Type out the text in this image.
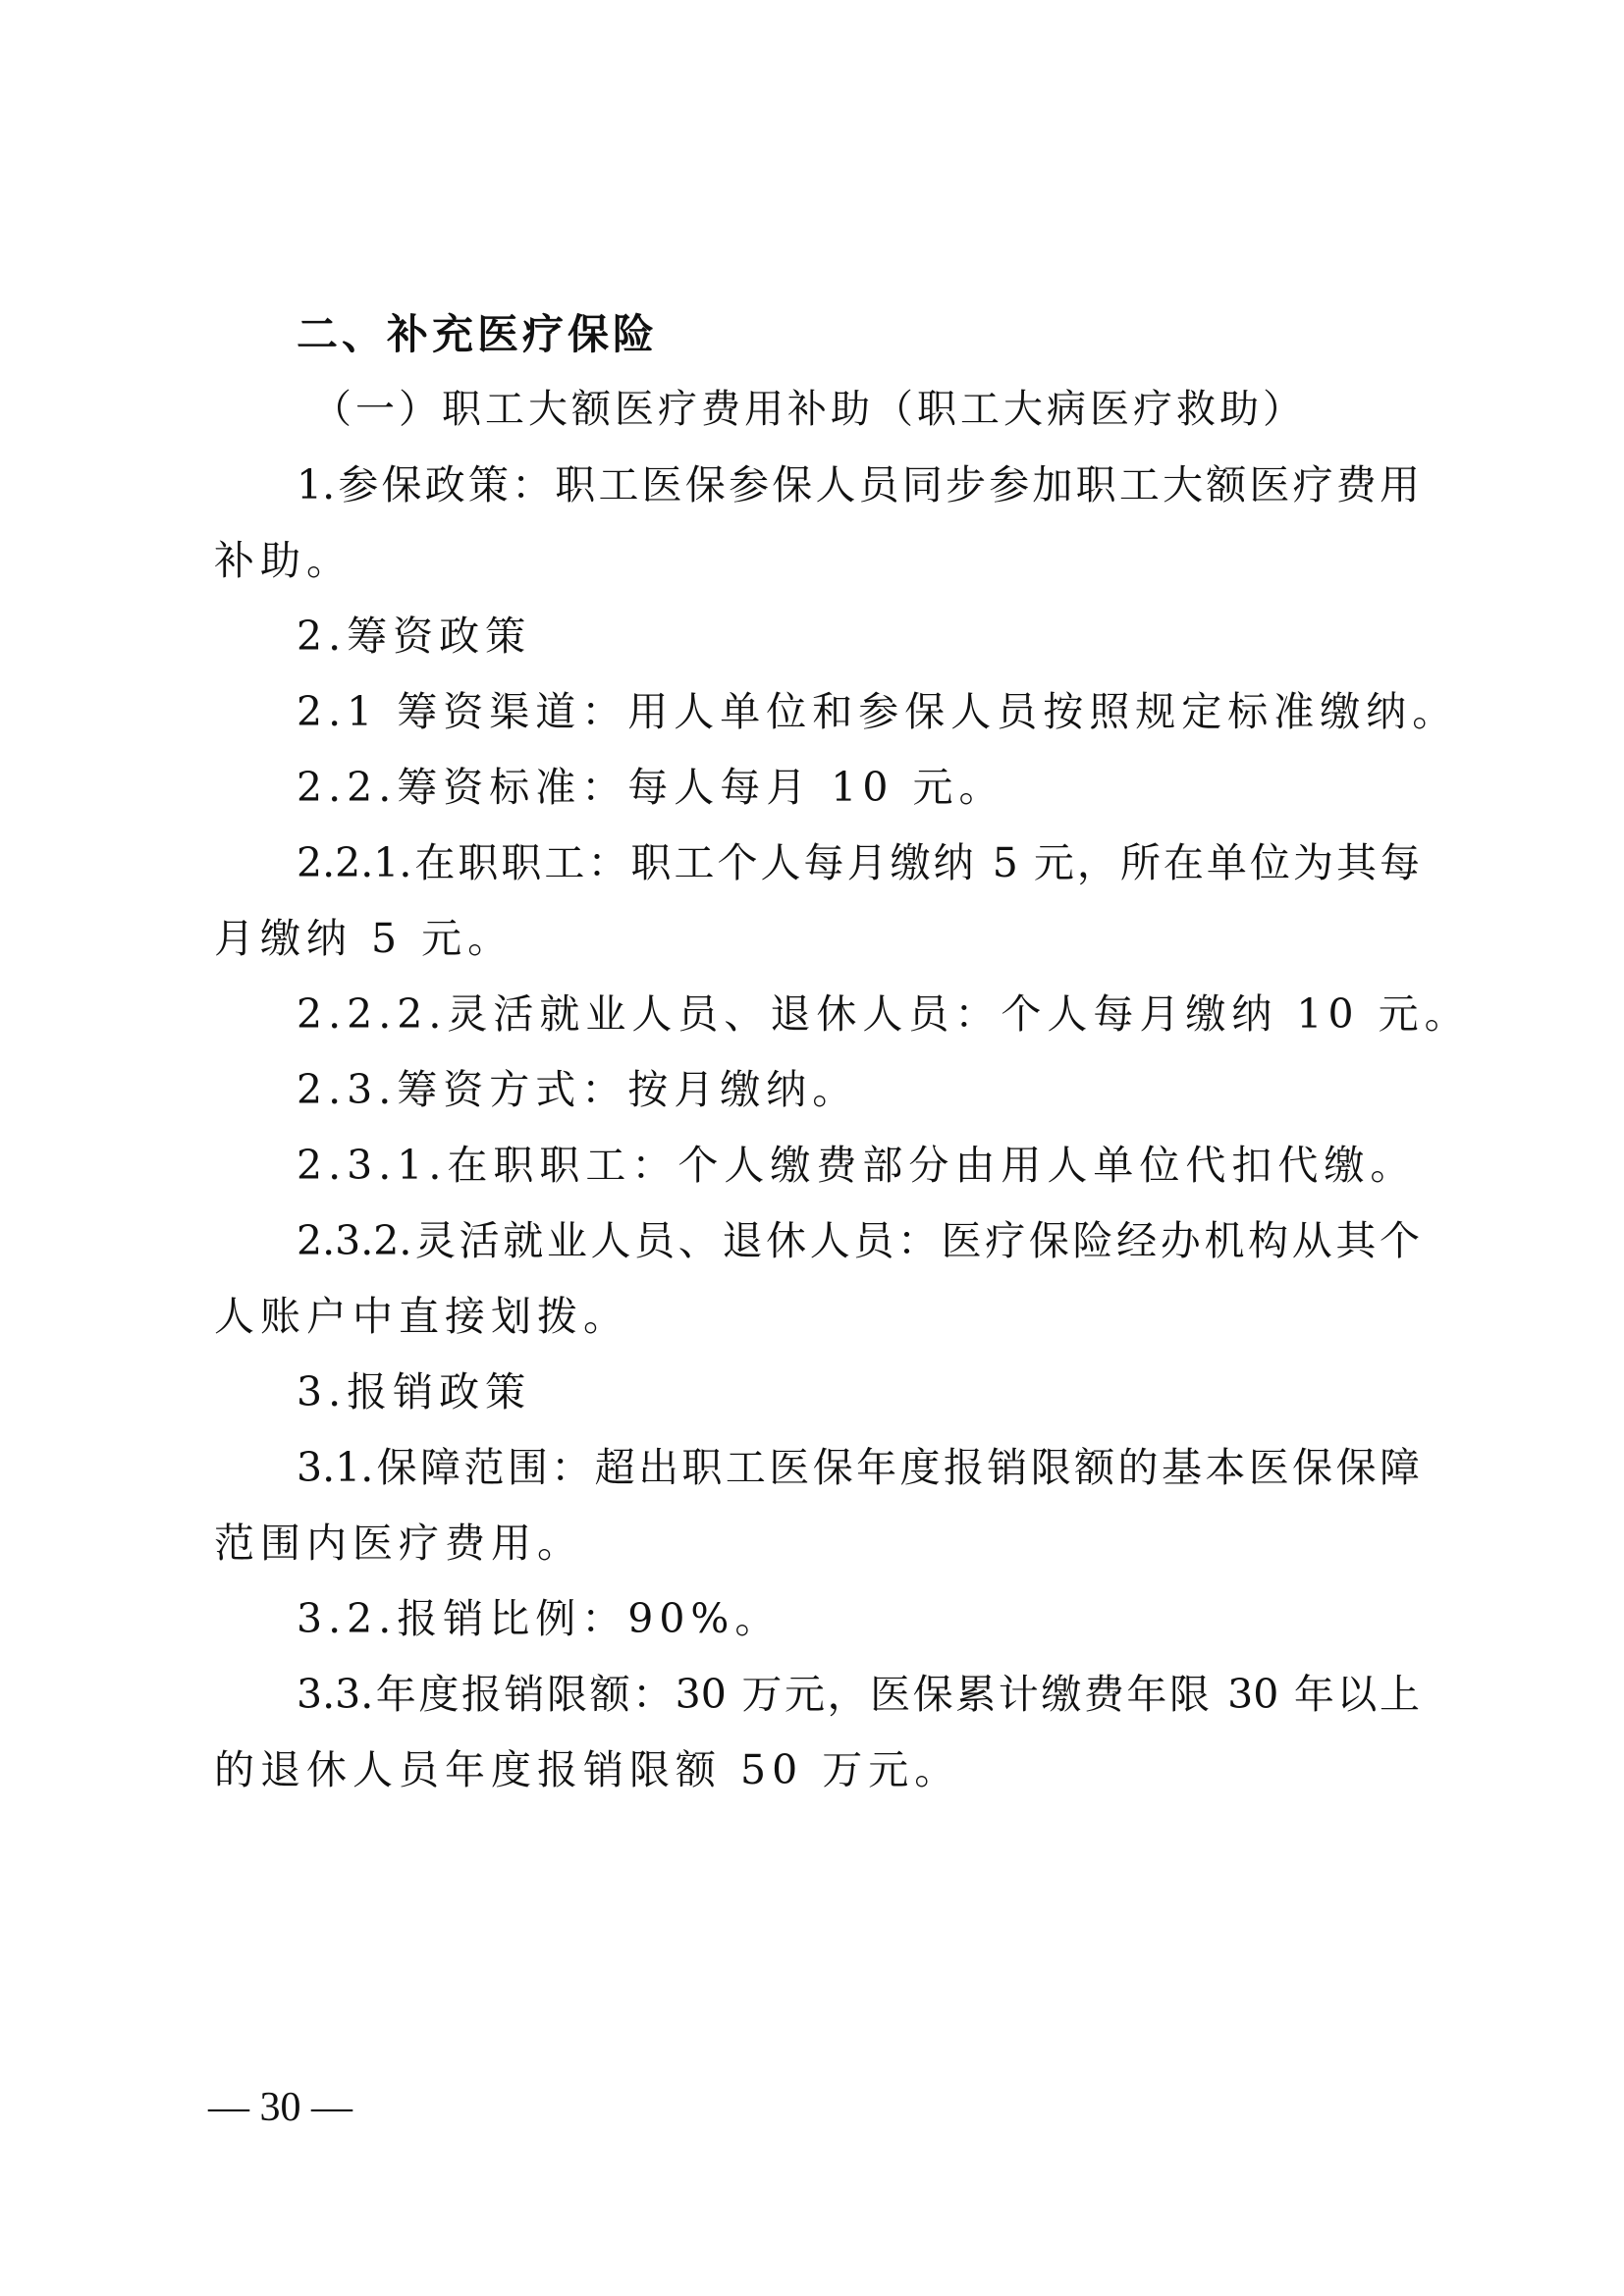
二、补充医疗保险

（一）职工大额医疗费用补助（职工大病医疗救助）

1.参保政策：职工医保参保人员同步参加职工大额医疗费用

补助。

2.筹资政策

2.1 筹资渠道：用人单位和参保人员按照规定标准缴纳。

2.2.筹资标准：每人每月 10 元。

2.2.1.在职职工：职工个人每月缴纳 5 元，所在单位为其每

月缴纳 5 元。

2.2.2.灵活就业人员、退休人员：个人每月缴纳 10 元。

2.3.筹资方式：按月缴纳。

2.3.1.在职职工：个人缴费部分由用人单位代扣代缴。

2.3.2.灵活就业人员、退休人员：医疗保险经办机构从其个

人账户中直接划拨。

3.报销政策

3.1.保障范围：超出职工医保年度报销限额的基本医保保障

范围内医疗费用。

3.2.报销比例：90%。

3.3.年度报销限额：30 万元，医保累计缴费年限 30 年以上

的退休人员年度报销限额 50 万元。

— 30 —
